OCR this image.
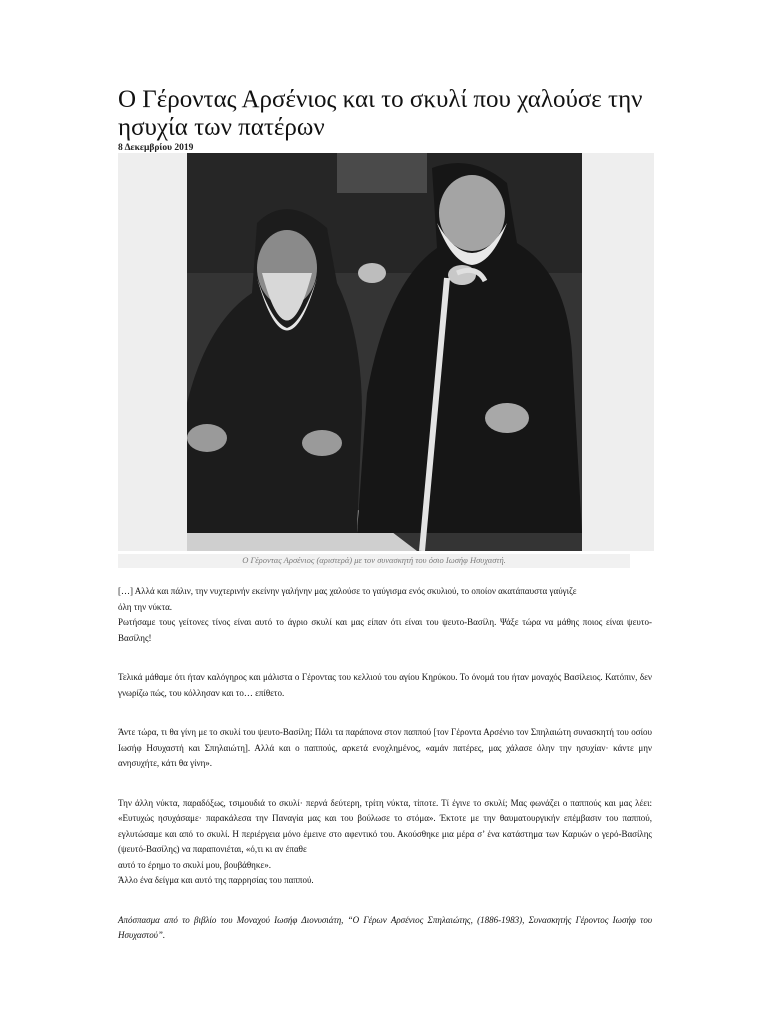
Ο Γέροντας Αρσένιος και το σκυλί που χαλούσε την ησυχία των πατέρων
8 Δεκεμβρίου 2019
Ο Γέροντας Αρσένιος (αριστερά) με τον συνασκητή του όσιο Ιωσήφ Ησυχαστή.

[…] Αλλά και πάλιν, την νυχτερινήν εκείνην γαλήνην μας χαλούσε το γαύγισμα ενός σκυλιού, το οποίον ακατάπαυστα γαύγιζε
όλη την νύκτα.
Ρωτήσαμε τους γείτονες τίνος είναι αυτό το άγριο σκυλί και μας είπαν ότι είναι του ψευτο-Βασίλη. Ψάξε τώρα να μάθης ποιος είναι ψευτο-Βασίλης!

Τελικά μάθαμε ότι ήταν καλόγηρος και μάλιστα ο Γέροντας του κελλιού του αγίου Κηρύκου. Το όνομά του ήταν μοναχός Βασίλειος. Κατόπιν, δεν γνωρίζω πώς, του κόλλησαν και το… επίθετο.

Άντε τώρα, τι θα γίνη με το σκυλί του ψευτο-Βασίλη; Πάλι τα παράπονα στον παππού [τον Γέροντα Αρσένιο τον Σπηλαιώτη συνασκητή του οσίου Ιωσήφ Ησυχαστή και Σπηλαιώτη]. Αλλά και ο παππούς, αρκετά ενοχλημένος, «αμάν πατέρες, μας χάλασε όλην την ησυχίαν· κάντε μην ανησυχήτε, κάτι θα γίνη».

Την άλλη νύκτα, παραδόξως, τσιμουδιά το σκυλί· περνά δεύτερη, τρίτη νύκτα, τίποτε. Τί έγινε το σκυλί; Μας φωνάζει ο παππούς και μας λέει: «Ευτυχώς ησυχάσαμε· παρακάλεσα την Παναγία μας και του βούλωσε το στόμα». Έκτοτε με την θαυματουργικήν επέμβασιν του παππού, εγλυτώσαμε και από το σκυλί. Η περιέργεια μόνο έμεινε στο αφεντικό του. Ακούσθηκε μια μέρα σ’ ένα κατάστημα των Καρυών ο γερό-Βασίλης (ψευτό-Βασίλης) να παραπονιέται, «ό,τι κι αν έπαθε
αυτό το έρημο το σκυλί μου, βουβάθηκε».
Άλλο ένα δείγμα και αυτό της παρρησίας του παππού.

Απόσπασμα από το βιβλίο του Μοναχού Ιωσήφ Διονυσιάτη, “Ο Γέρων Αρσένιος Σπηλαιώτης, (1886-1983), Συνασκητής Γέροντος Ιωσήφ του Ησυχαστού”.
